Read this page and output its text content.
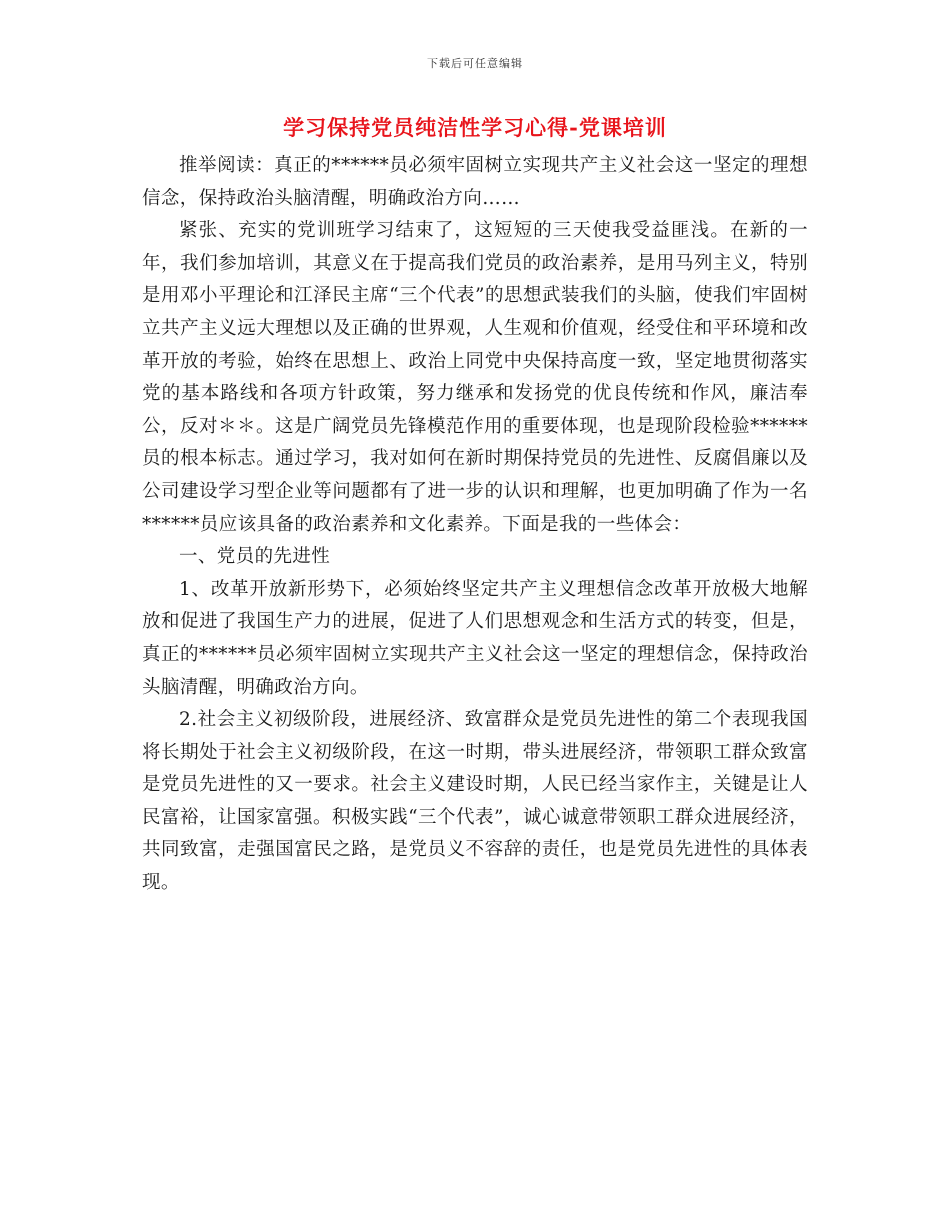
下载后可任意编辑
学习保持党员纯洁性学习心得-党课培训

推举阅读：真正的******员必须牢固树立实现共产主义社会这一坚定的理想信念，保持政治头脑清醒，明确政治方向……

紧张、充实的党训班学习结束了，这短短的三天使我受益匪浅。在新的一年，我们参加培训，其意义在于提高我们党员的政治素养，是用马列主义，特别是用邓小平理论和江泽民主席“三个代表”的思想武装我们的头脑，使我们牢固树立共产主义远大理想以及正确的世界观，人生观和价值观，经受住和平环境和改革开放的考验，始终在思想上、政治上同党中央保持高度一致，坚定地贯彻落实党的基本路线和各项方针政策，努力继承和发扬党的优良传统和作风，廉洁奉公，反对＊＊。这是广阔党员先锋模范作用的重要体现，也是现阶段检验******员的根本标志。通过学习，我对如何在新时期保持党员的先进性、反腐倡廉以及公司建设学习型企业等问题都有了进一步的认识和理解，也更加明确了作为一名******员应该具备的政治素养和文化素养。下面是我的一些体会：

一、党员的先进性

1、改革开放新形势下，必须始终坚定共产主义理想信念改革开放极大地解放和促进了我国生产力的进展，促进了人们思想观念和生活方式的转变，但是，真正的******员必须牢固树立实现共产主义社会这一坚定的理想信念，保持政治头脑清醒，明确政治方向。

2.社会主义初级阶段，进展经济、致富群众是党员先进性的第二个表现我国将长期处于社会主义初级阶段，在这一时期，带头进展经济，带领职工群众致富是党员先进性的又一要求。社会主义建设时期，人民已经当家作主，关键是让人民富裕，让国家富强。积极实践“三个代表”，诚心诚意带领职工群众进展经济，共同致富，走强国富民之路，是党员义不容辞的责任，也是党员先进性的具体表现。
